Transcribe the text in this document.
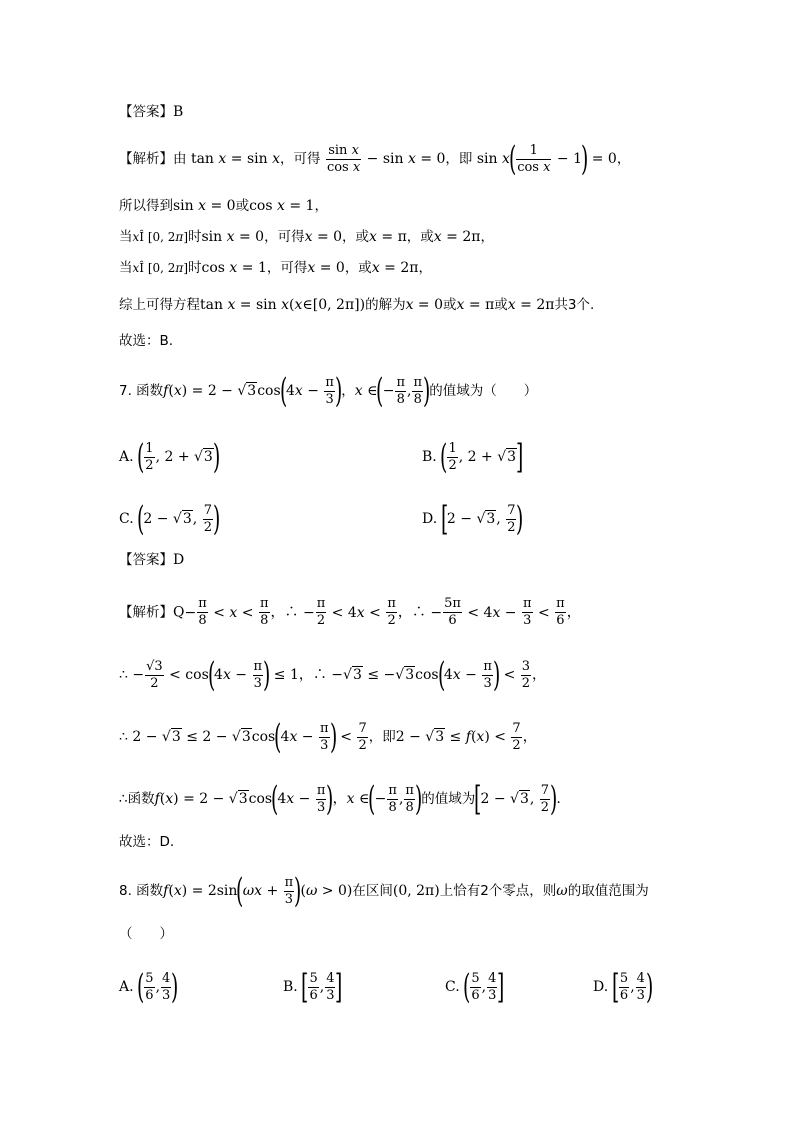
【答案】B
【解析】由 tan x = sin x，可得 $\frac{\text{sin x}}{\text{cos x}} - \sin x = 0$，即 $\sin x( \frac{1}{\text{cos x}} - 1) = 0$，
所以得到sin x = 0或cos x = 1，
当xÎ [0, 2π]时sin x = 0，可得x = 0，或x = π，或x = 2π，
当xÎ [0, 2π]时cos x = 1，可得x = 0，或x = 2π，
综上可得方程tan x = sin x(x∈[0, 2π])的解为x = 0或x = π或x = 2π共3个.
故选：B.
7. 函数$f(x) = 2 - √3\cos(4x - \frac{\pi}{3}$ )，x ∈(− $\frac{\pi}{8}$ , $\frac{\pi}{8}$ )的值域为（　　）
A. ( $\frac{1}{2}$ , 2 + √3)	B. ( $\frac{1}{2}$ , 2 + √3]
C. (2 − √3, $\frac{7}{2}$ )	D. [2 − √3, $\frac{7}{2}$ )
【答案】D
【解析】$Q- \frac{\pi}{8} < x < \frac{\pi}{8}$ ，∴ − $\frac{\pi}{2} < 4x < \frac{\pi}{2}$ ，∴ − $\frac{5\pi}{6} < 4x - \frac{\pi}{3} < \frac{\pi}{6}$ ，
∴ − $\frac{√3}{2} < \cos(4x - \frac{\pi}{3}$ ) ≤ 1，∴ $-√3 \le -√3\cos(4x - \frac{\pi}{3}$ ) < $\frac{3}{2}$ ，
∴ $2 - √3 \le 2 - √3\cos(4x - \frac{\pi}{3}$ ) < $\frac{7}{2}$ ，即$2 - √3 \le f(x) < \frac{7}{2}$ ，
∴函数$f(x) = 2 - √3\cos(4x - \frac{\pi}{3}$ )，x ∈(− $\frac{\pi}{8}$ , $\frac{\pi}{8}$ )的值域为[2 − √3, $\frac{7}{2}$ ).
故选：D.
8. 函数$f(x) = 2\sin(\omega x + \frac{\pi}{3} )(\omega > 0)$在区间(0, 2π)上恰有2个零点，则ω的取值范围为
（　　）
A. ( $\frac{5}{6}$ , $\frac{4}{3}$ )	B. [ $\frac{5}{6}$ , $\frac{4}{3}$ ]	C. ( $\frac{5}{6}$ , $\frac{4}{3}$ ]	D. [ $\frac{5}{6}$ , $\frac{4}{3}$ )
